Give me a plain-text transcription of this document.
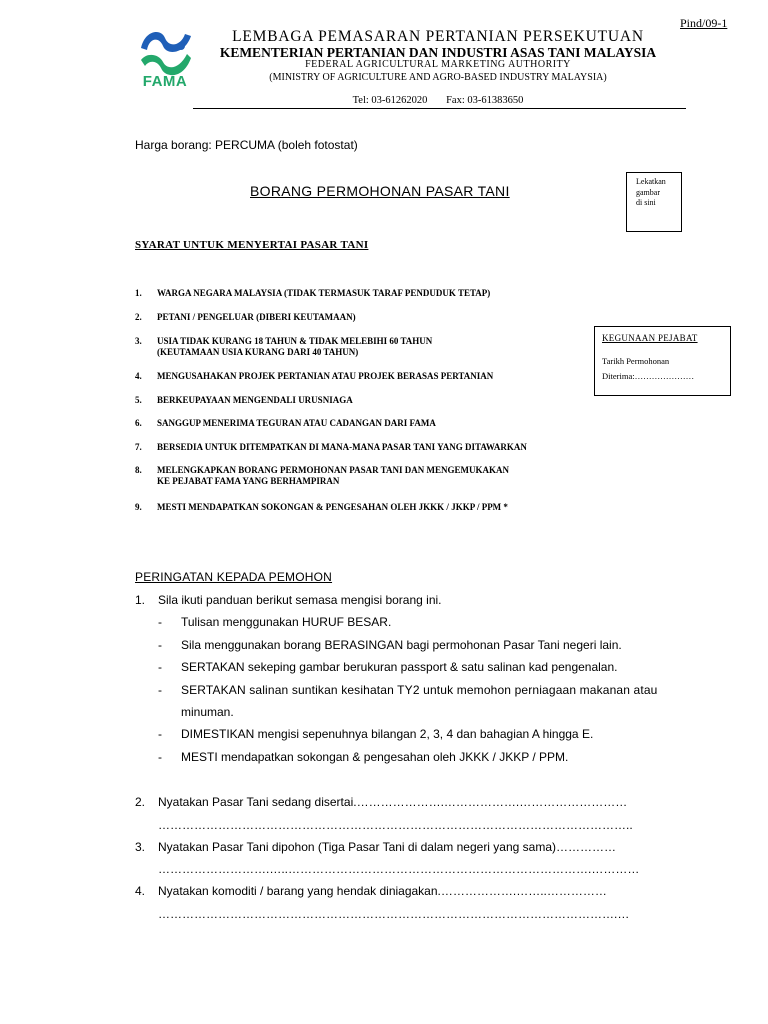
Pind/09-1
FAMA
LEMBAGA PEMASARAN PERTANIAN PERSEKUTUAN
KEMENTERIAN PERTANIAN DAN INDUSTRI ASAS TANI MALAYSIA
FEDERAL AGRICULTURAL MARKETING AUTHORITY
(MINISTRY OF AGRICULTURE AND AGRO-BASED INDUSTRY MALAYSIA)
Tel: 03-61262020 Fax: 03-61383650
Harga borang: PERCUMA (boleh fotostat)
BORANG PERMOHONAN PASAR TANI
Lekatkan
gambar
di sini
SYARAT UNTUK MENYERTAI PASAR TANI
1. WARGA NEGARA MALAYSIA (TIDAK TERMASUK TARAF PENDUDUK TETAP)
2. PETANI / PENGELUAR (DIBERI KEUTAMAAN)
3. USIA TIDAK KURANG 18 TAHUN & TIDAK MELEBIHI 60 TAHUN
(KEUTAMAAN USIA KURANG DARI 40 TAHUN)
4. MENGUSAHAKAN PROJEK PERTANIAN ATAU PROJEK BERASAS PERTANIAN
5. BERKEUPAYAAN MENGENDALI URUSNIAGA
6. SANGGUP MENERIMA TEGURAN ATAU CADANGAN DARI FAMA
7. BERSEDIA UNTUK DITEMPATKAN DI MANA-MANA PASAR TANI YANG DITAWARKAN
8. MELENGKAPKAN BORANG PERMOHONAN PASAR TANI DAN MENGEMUKAKAN
KE PEJABAT FAMA YANG BERHAMPIRAN
9. MESTI MENDAPATKAN SOKONGAN & PENGESAHAN OLEH JKKK / JKKP / PPM *
KEGUNAAN PEJABAT
Tarikh Permohonan
Diterima:…………………
PERINGATAN KEPADA PEMOHON
1. Sila ikuti panduan berikut semasa mengisi borang ini.
- Tulisan menggunakan HURUF BESAR.
- Sila menggunakan borang BERASINGAN bagi permohonan Pasar Tani negeri lain.
- SERTAKAN sekeping gambar berukuran passport & satu salinan kad pengenalan.
- SERTAKAN salinan suntikan kesihatan TY2 untuk memohon perniagaan makanan atau
minuman.
- DIMESTIKAN mengisi sepenuhnya bilangan 2, 3, 4 dan bahagian A hingga E.
- MESTI mendapatkan sokongan & pengesahan oleh JKKK / JKKP / PPM.
2. Nyatakan Pasar Tani sedang disertai.………………….……………….………………………
………………………………………………………………………………………………………..
3. Nyatakan Pasar Tani dipohon (Tiga Pasar Tani di dalam negeri yang sama)……………
……………………….…..………………………………………………………………….…………
4. Nyatakan komoditi / barang yang hendak diniagakan.……………….……..……………
…………………………………………………………………………………………………….…
